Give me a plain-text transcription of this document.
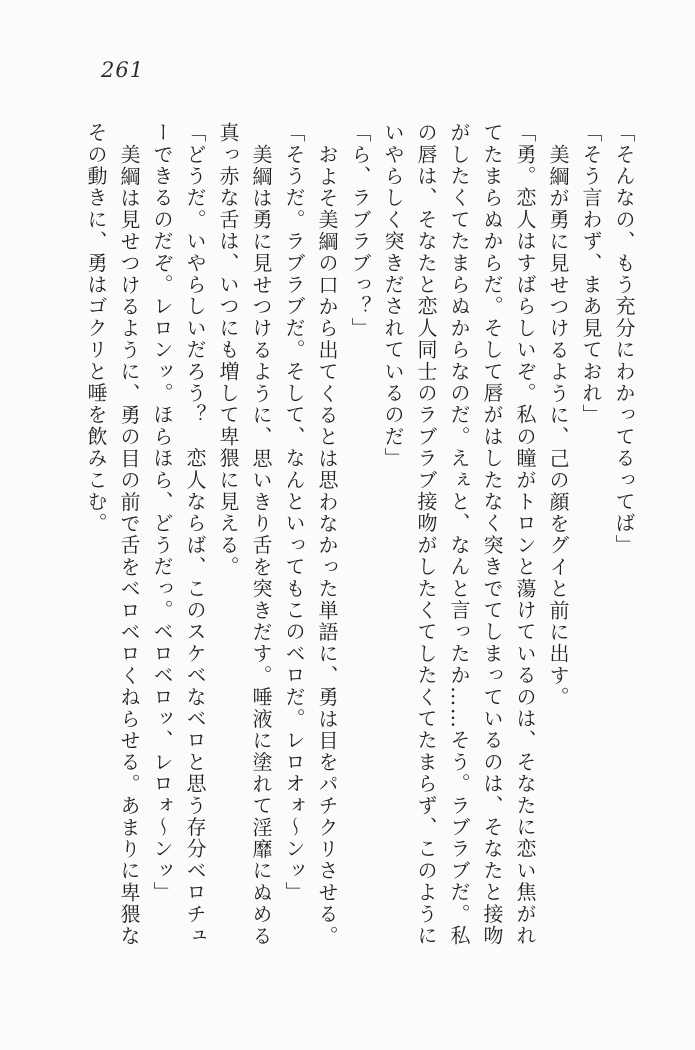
261

「そんなの、もう充分にわかってるってば」

「そう言わず、まあ見ておれ」

美綱が勇に見せつけるように、己の顔をグイと前に出す。

「勇。恋人はすばらしいぞ。私の瞳がトロンと蕩けているのは、そなたに恋い焦がれてたまらぬからだ。そして唇がはしたなく突きでてしまっているのは、そなたと接吻がしたくてたまらぬからなのだ。えぇと、なんと言ったか……そう。ラブラブだ。私の唇は、そなたと恋人同士のラブラブ接吻がしたくてしたくてたまらず、このようにいやらしく突きだされているのだ」

「ら、ラブラブっ？」

およそ美綱の口から出てくるとは思わなかった単語に、勇は目をパチクリさせる。

「そうだ。ラブラブだ。そして、なんといってもこのベロだ。レロオォ〜ンッ」

美綱は勇に見せつけるように、思いきり舌を突きだす。唾液に塗れて淫靡にぬめる真っ赤な舌は、いつにも増して卑猥に見える。

「どうだ。いやらしいだろう？　恋人ならば、このスケベなベロと思う存分ベロチューできるのだぞ。レロンッ。ほらほら、どうだっ。ベロベロッ、レロォ〜ンッ」

美綱は見せつけるように、勇の目の前で舌をベロベロくねらせる。あまりに卑猥なその動きに、勇はゴクリと唾を飲みこむ。
